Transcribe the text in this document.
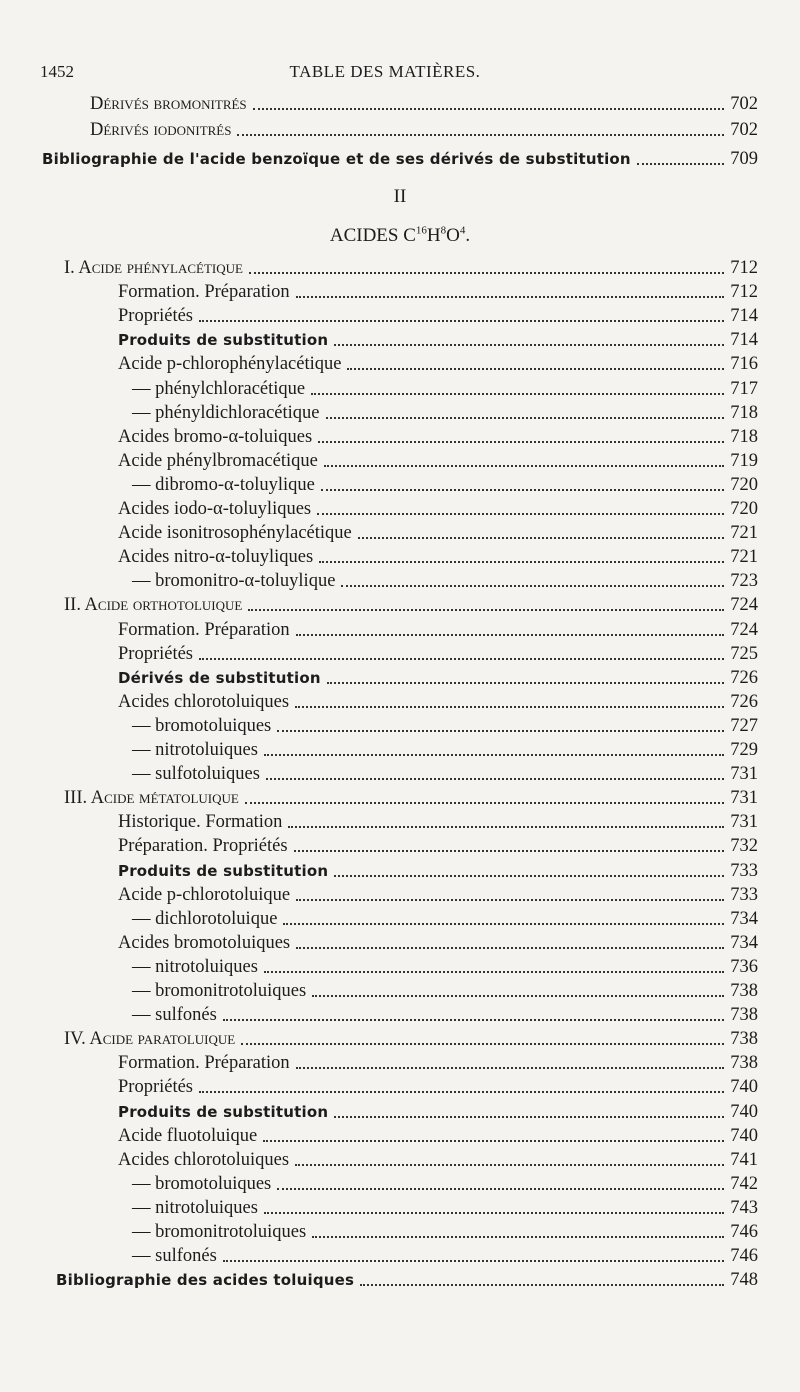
1452	TABLE DES MATIÈRES.
Dérivés bromonitrés	702
Dérivés iodonitrés	702
Bibliographie de l'acide benzoïque et de ses dérivés de substitution	709
I. Acide phénylacétique	712
Formation. Préparation	712
Propriétés	714
Produits de substitution	714
Acide p-chlorophénylacétique	716
— phénylchloracétique	717
— phényldichloracétique	718
Acides bromo-α-toluiques	718
Acide phénylbromacétique	719
— dibromo-α-toluylique	720
Acides iodo-α-toluyliques	720
Acide isonitrosophénylacétique	721
Acides nitro-α-toluyliques	721
— bromonitro-α-toluylique	723
II. Acide orthotoluique	724
Formation. Préparation	724
Propriétés	725
Dérivés de substitution	726
Acides chlorotoluiques	726
— bromotoluiques	727
— nitrotoluiques	729
— sulfotoluiques	731
III. Acide métatoluique	731
Historique. Formation	731
Préparation. Propriétés	732
Produits de substitution	733
Acide p-chlorotoluique	733
— dichlorotoluique	734
Acides bromotoluiques	734
— nitrotoluiques	736
— bromonitrotoluiques	738
— sulfonés	738
IV. Acide paratoluique	738
Formation. Préparation	738
Propriétés	740
Produits de substitution	740
Acide fluotoluique	740
Acides chlorotoluiques	741
— bromotoluiques	742
— nitrotoluiques	743
— bromonitrotoluiques	746
— sulfonés	746
Bibliographie des acides toluiques	748
II
ACIDES $C^{16}H^8O^4$.
